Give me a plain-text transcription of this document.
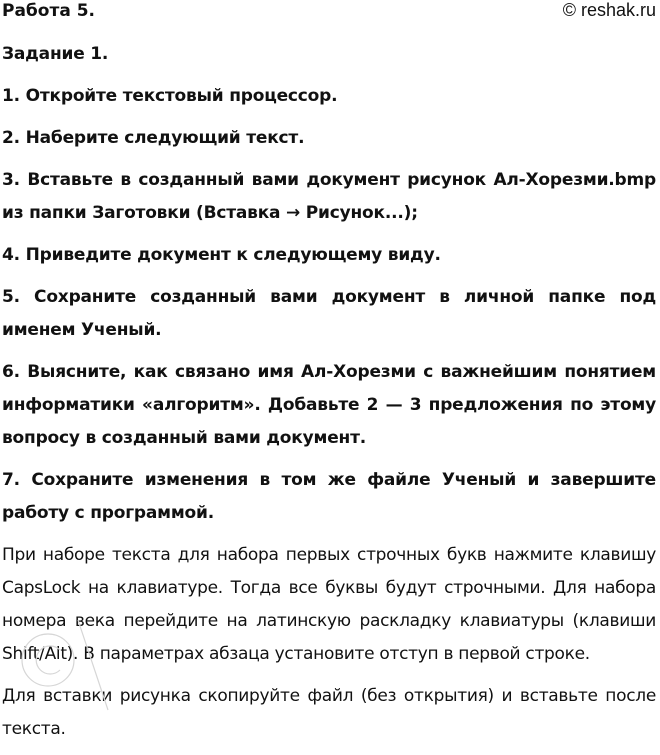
Работа 5.	© reshak.ru

Задание 1.

1. Откройте текстовый процессор.

2. Наберите следующий текст.

3. Вставьте в созданный вами документ рисунок Ал-Хорезми.bmp из папки Заготовки (Вставка → Рисунок...);

4. Приведите документ к следующему виду.

5. Сохраните созданный вами документ в личной папке под именем Ученый.

6. Выясните, как связано имя Ал-Хорезми с важнейшим понятием информатики «алгоритм». Добавьте 2 — 3 предложения по этому вопросу в созданный вами документ.

7. Сохраните изменения в том же файле Ученый и завершите работу с программой.

При наборе текста для набора первых строчных букв нажмите клавишу CapsLock на клавиатуре. Тогда все буквы будут строчными. Для набора номера века перейдите на латинскую раскладку клавиатуры (клавиши Shift/Alt). В параметрах абзаца установите отступ в первой строке.

Для вставки рисунка скопируйте файл (без открытия) и вставьте после текста.
